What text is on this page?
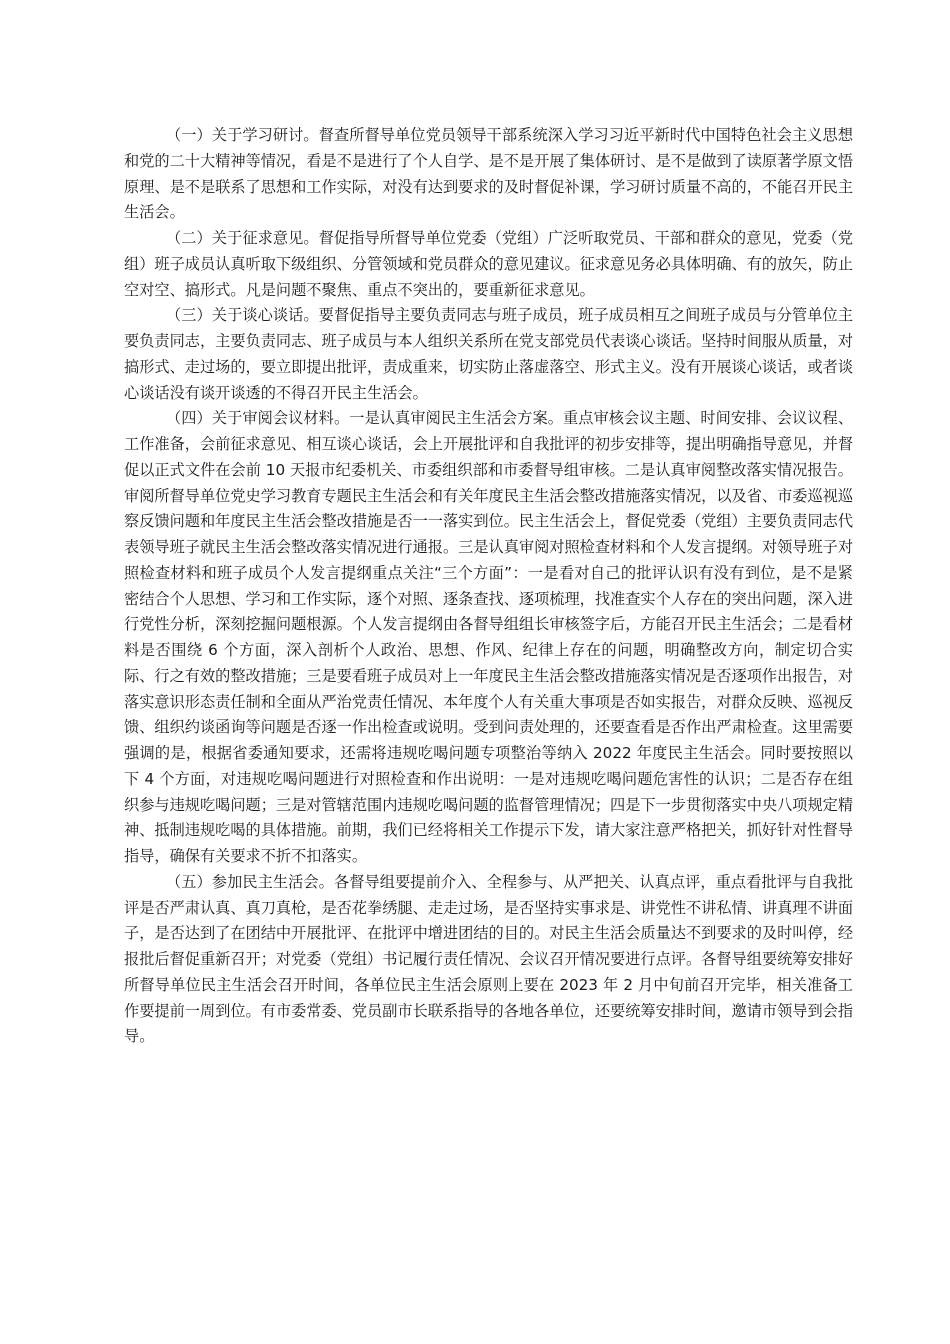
（一）关于学习研讨。督查所督导单位党员领导干部系统深入学习习近平新时代中国特色社会主义思想和党的二十大精神等情况，看是不是进行了个人自学、是不是开展了集体研讨、是不是做到了读原著学原文悟原理、是不是联系了思想和工作实际，对没有达到要求的及时督促补课，学习研讨质量不高的，不能召开民主生活会。

（二）关于征求意见。督促指导所督导单位党委（党组）广泛听取党员、干部和群众的意见，党委（党组）班子成员认真听取下级组织、分管领域和党员群众的意见建议。征求意见务必具体明确、有的放矢，防止空对空、搞形式。凡是问题不聚焦、重点不突出的，要重新征求意见。

（三）关于谈心谈话。要督促指导主要负责同志与班子成员，班子成员相互之间班子成员与分管单位主要负责同志，主要负责同志、班子成员与本人组织关系所在党支部党员代表谈心谈话。坚持时间服从质量，对搞形式、走过场的，要立即提出批评，责成重来，切实防止落虚落空、形式主义。没有开展谈心谈话，或者谈心谈话没有谈开谈透的不得召开民主生活会。

（四）关于审阅会议材料。一是认真审阅民主生活会方案。重点审核会议主题、时间安排、会议议程、工作准备，会前征求意见、相互谈心谈话，会上开展批评和自我批评的初步安排等，提出明确指导意见，并督促以正式文件在会前 10 天报市纪委机关、市委组织部和市委督导组审核。二是认真审阅整改落实情况报告。审阅所督导单位党史学习教育专题民主生活会和有关年度民主生活会整改措施落实情况，以及省、市委巡视巡察反馈问题和年度民主生活会整改措施是否一一落实到位。民主生活会上，督促党委（党组）主要负责同志代表领导班子就民主生活会整改落实情况进行通报。三是认真审阅对照检查材料和个人发言提纲。对领导班子对照检查材料和班子成员个人发言提纲重点关注“三个方面”：一是看对自己的批评认识有没有到位，是不是紧密结合个人思想、学习和工作实际，逐个对照、逐条查找、逐项梳理，找准查实个人存在的突出问题，深入进行党性分析，深刻挖掘问题根源。个人发言提纲由各督导组组长审核签字后，方能召开民主生活会；二是看材料是否围绕 6 个方面，深入剖析个人政治、思想、作风、纪律上存在的问题，明确整改方向，制定切合实际、行之有效的整改措施；三是要看班子成员对上一年度民主生活会整改措施落实情况是否逐项作出报告，对落实意识形态责任制和全面从严治党责任情况、本年度个人有关重大事项是否如实报告，对群众反映、巡视反馈、组织约谈函询等问题是否逐一作出检查或说明。受到问责处理的，还要查看是否作出严肃检查。这里需要强调的是，根据省委通知要求，还需将违规吃喝问题专项整治等纳入 2022 年度民主生活会。同时要按照以下 4 个方面，对违规吃喝问题进行对照检查和作出说明：一是对违规吃喝问题危害性的认识；二是否存在组织参与违规吃喝问题；三是对管辖范围内违规吃喝问题的监督管理情况；四是下一步贯彻落实中央八项规定精神、抵制违规吃喝的具体措施。前期，我们已经将相关工作提示下发，请大家注意严格把关，抓好针对性督导指导，确保有关要求不折不扣落实。

（五）参加民主生活会。各督导组要提前介入、全程参与、从严把关、认真点评，重点看批评与自我批评是否严肃认真、真刀真枪，是否花拳绣腿、走走过场，是否坚持实事求是、讲党性不讲私情、讲真理不讲面子，是否达到了在团结中开展批评、在批评中增进团结的目的。对民主生活会质量达不到要求的及时叫停，经报批后督促重新召开；对党委（党组）书记履行责任情况、会议召开情况要进行点评。各督导组要统筹安排好所督导单位民主生活会召开时间，各单位民主生活会原则上要在 2023 年 2 月中旬前召开完毕，相关准备工作要提前一周到位。有市委常委、党员副市长联系指导的各地各单位，还要统筹安排时间，邀请市领导到会指导。
